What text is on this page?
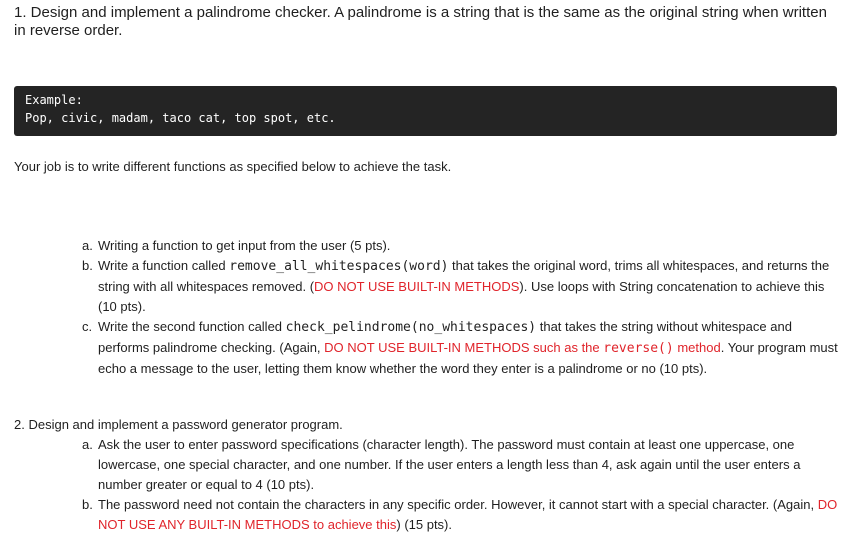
1. Design and implement a palindrome checker. A palindrome is a string that is the same as the original string when written in reverse order.

Example:
Pop, civic, madam, taco cat, top spot, etc.

Your job is to write different functions as specified below to achieve the task.

a. Writing a function to get input from the user (5 pts).
b. Write a function called remove_all_whitespaces(word) that takes the original word, trims all whitespaces, and returns the string with all whitespaces removed. (DO NOT USE BUILT-IN METHODS). Use loops with String concatenation to achieve this (10 pts).
c. Write the second function called check_pelindrome(no_whitespaces) that takes the string without whitespace and performs palindrome checking. (Again, DO NOT USE BUILT-IN METHODS such as the reverse() method. Your program must echo a message to the user, letting them know whether the word they enter is a palindrome or no (10 pts).

2. Design and implement a password generator program.

a. Ask the user to enter password specifications (character length). The password must contain at least one uppercase, one lowercase, one special character, and one number. If the user enters a length less than 4, ask again until the user enters a number greater or equal to 4 (10 pts).
b. The password need not contain the characters in any specific order. However, it cannot start with a special character. (Again, DO NOT USE ANY BUILT-IN METHODS to achieve this) (15 pts).
